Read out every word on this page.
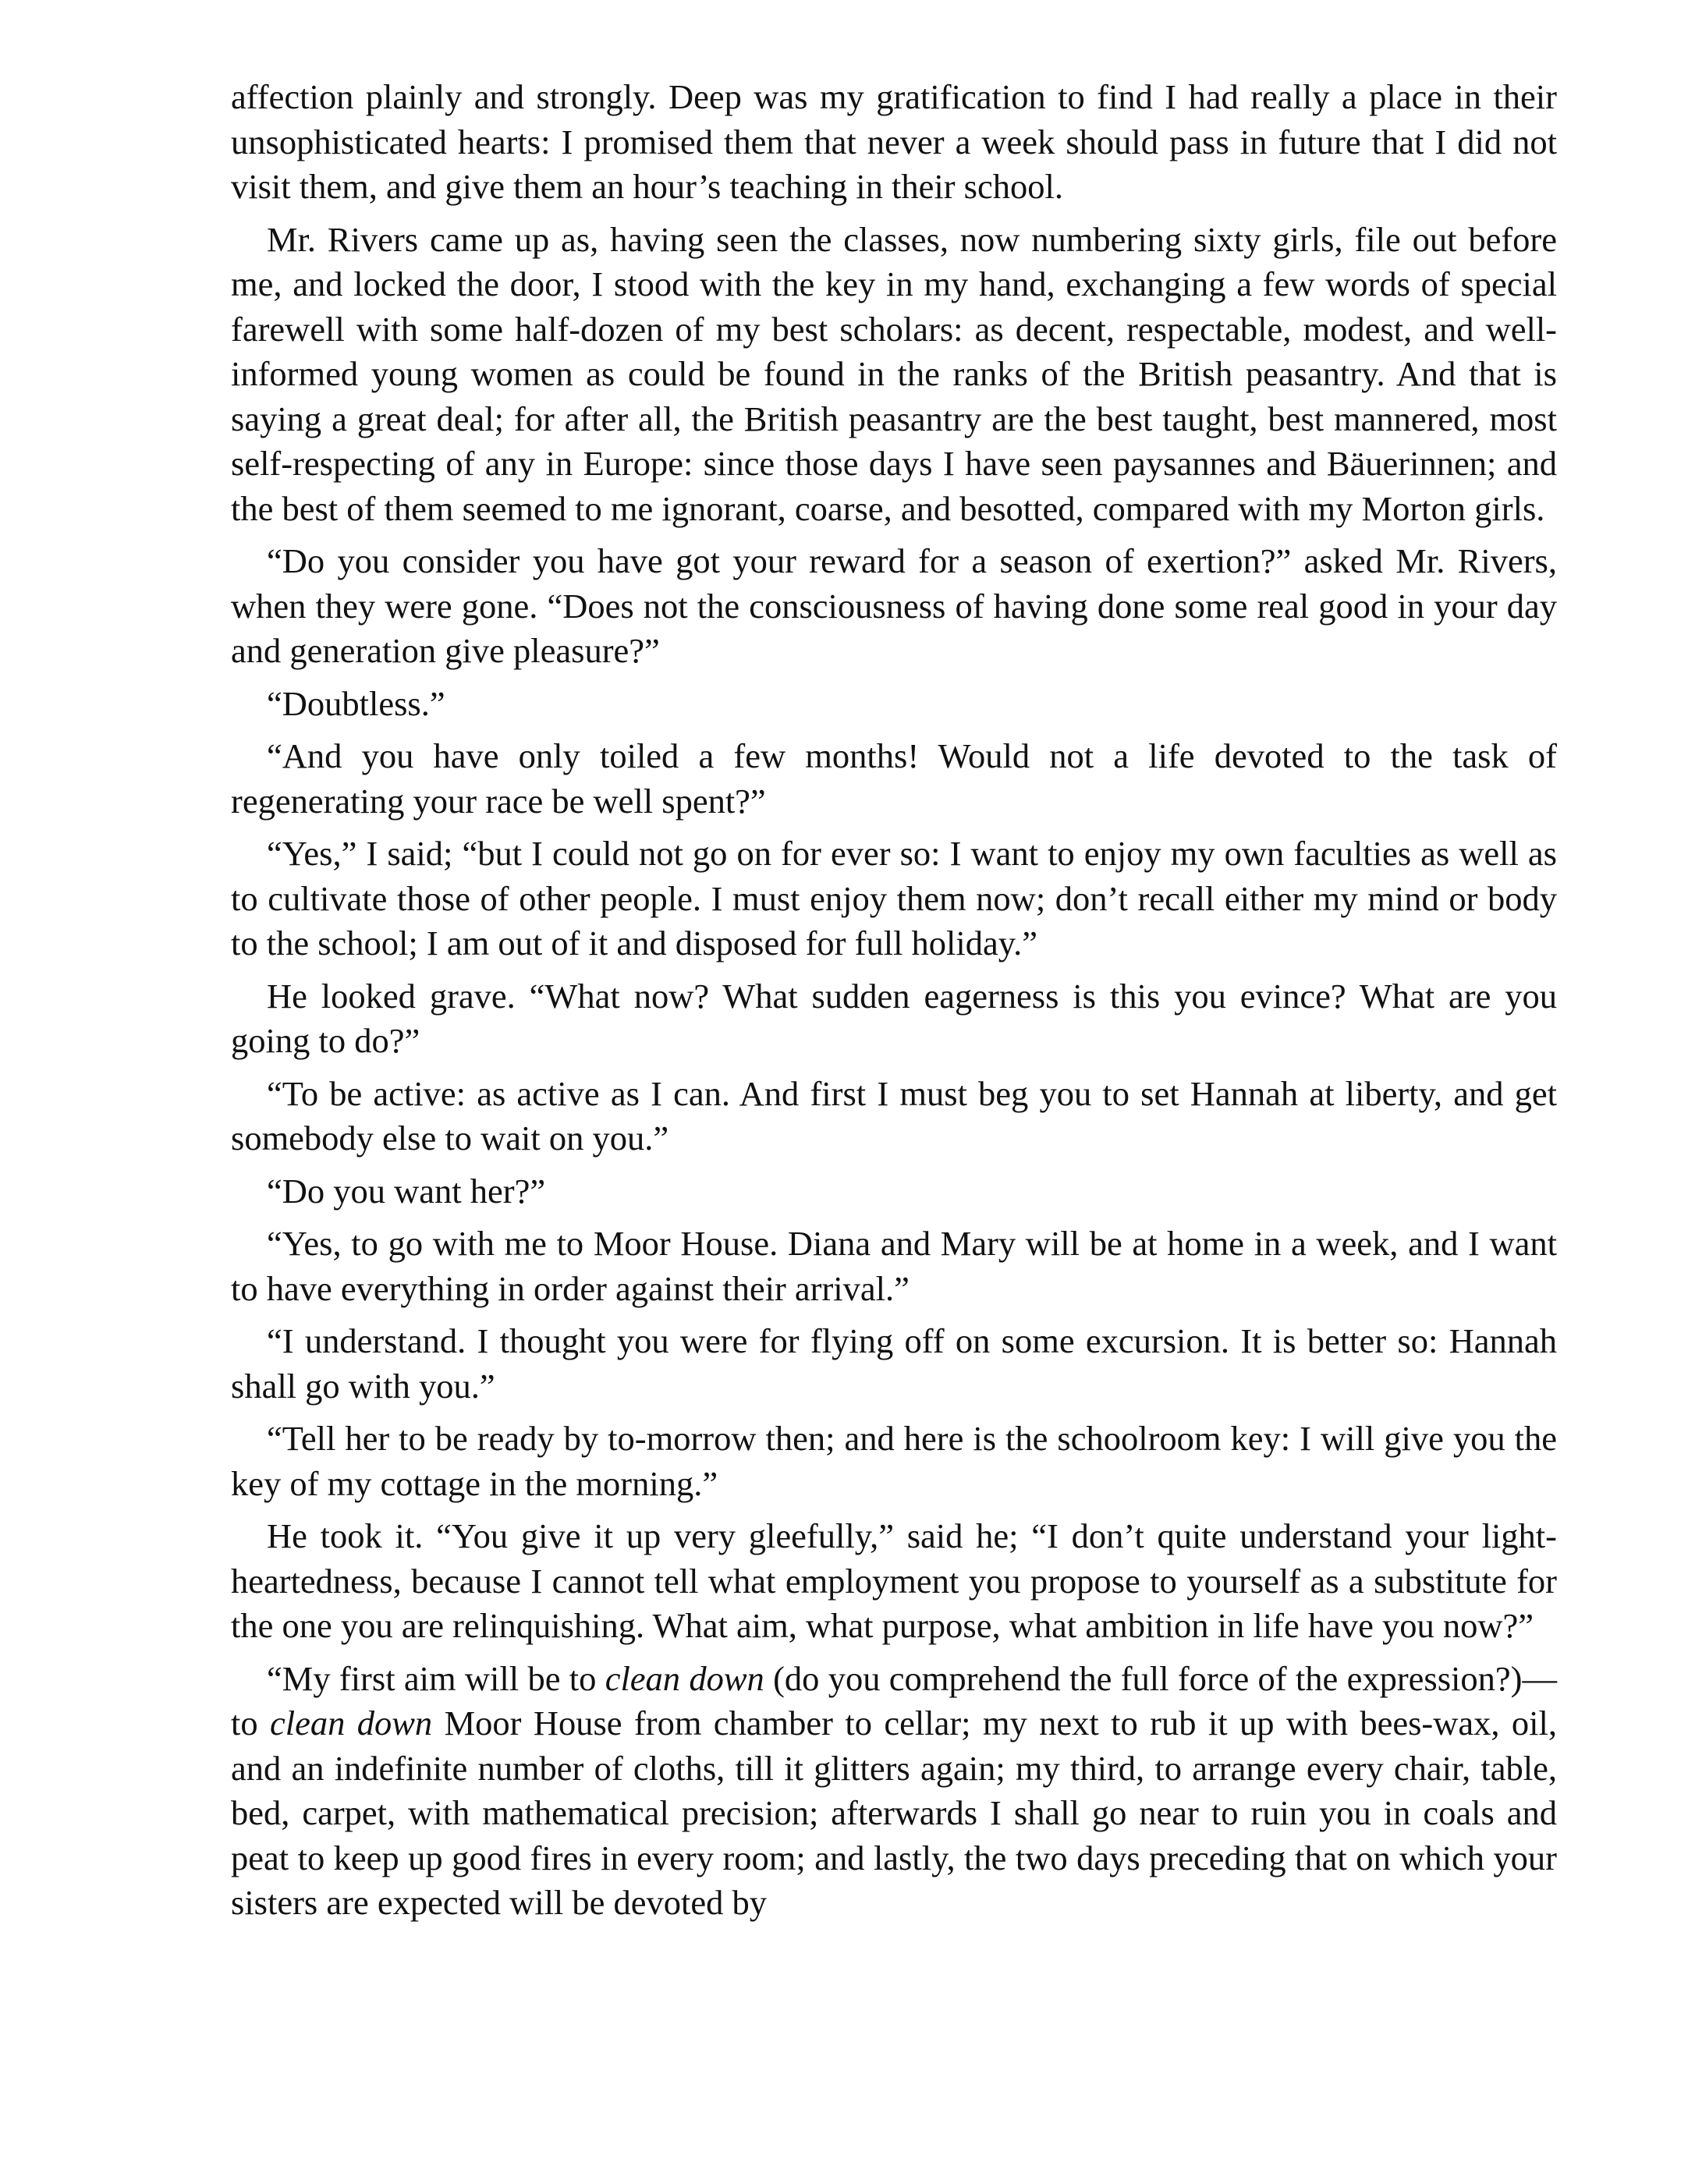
affection plainly and strongly. Deep was my gratification to find I had really a place in their unsophisticated hearts: I promised them that never a week should pass in future that I did not visit them, and give them an hour’s teaching in their school.

Mr. Rivers came up as, having seen the classes, now numbering sixty girls, file out before me, and locked the door, I stood with the key in my hand, exchanging a few words of special farewell with some half-dozen of my best scholars: as decent, respectable, modest, and well-informed young women as could be found in the ranks of the British peasantry. And that is saying a great deal; for after all, the British peasantry are the best taught, best mannered, most self-respecting of any in Europe: since those days I have seen paysannes and Bäuerinnen; and the best of them seemed to me ignorant, coarse, and besotted, compared with my Morton girls.

“Do you consider you have got your reward for a season of exertion?” asked Mr. Rivers, when they were gone. “Does not the consciousness of having done some real good in your day and generation give pleasure?”

“Doubtless.”

“And you have only toiled a few months! Would not a life devoted to the task of regenerating your race be well spent?”

“Yes,” I said; “but I could not go on for ever so: I want to enjoy my own faculties as well as to cultivate those of other people. I must enjoy them now; don’t recall either my mind or body to the school; I am out of it and disposed for full holiday.”

He looked grave. “What now? What sudden eagerness is this you evince? What are you going to do?”

“To be active: as active as I can. And first I must beg you to set Hannah at liberty, and get somebody else to wait on you.”

“Do you want her?”

“Yes, to go with me to Moor House. Diana and Mary will be at home in a week, and I want to have everything in order against their arrival.”

“I understand. I thought you were for flying off on some excursion. It is better so: Hannah shall go with you.”

“Tell her to be ready by to-morrow then; and here is the schoolroom key: I will give you the key of my cottage in the morning.”

He took it. “You give it up very gleefully,” said he; “I don’t quite understand your light-heartedness, because I cannot tell what employment you propose to yourself as a substitute for the one you are relinquishing. What aim, what purpose, what ambition in life have you now?”

“My first aim will be to clean down (do you comprehend the full force of the expression?)—to clean down Moor House from chamber to cellar; my next to rub it up with bees-wax, oil, and an indefinite number of cloths, till it glitters again; my third, to arrange every chair, table, bed, carpet, with mathematical precision; afterwards I shall go near to ruin you in coals and peat to keep up good fires in every room; and lastly, the two days preceding that on which your sisters are expected will be devoted by
